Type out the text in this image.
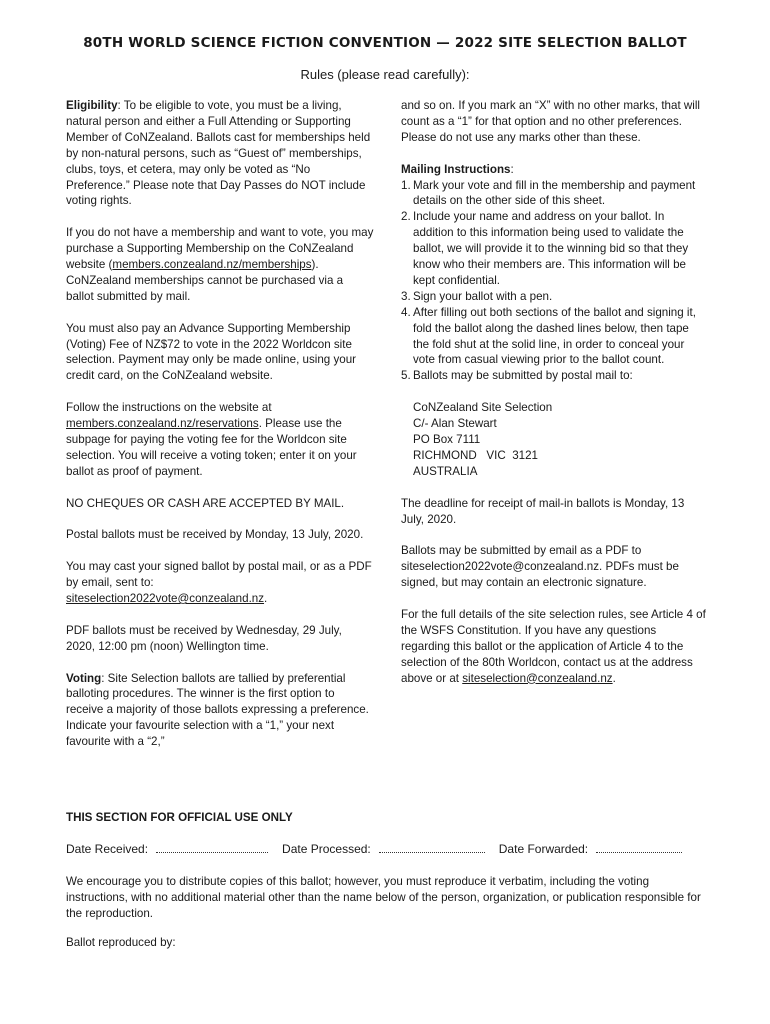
80TH WORLD SCIENCE FICTION CONVENTION — 2022 SITE SELECTION BALLOT
Rules (please read carefully):

Eligibility: To be eligible to vote, you must be a living, natural person and either a Full Attending or Supporting Member of CoNZealand. Ballots cast for memberships held by non-natural persons, such as “Guest of” memberships, clubs, toys, et cetera, may only be voted as “No Preference.” Please note that Day Passes do NOT include voting rights.

If you do not have a membership and want to vote, you may purchase a Supporting Membership on the CoNZealand website (members.conzealand.nz/memberships). CoNZealand memberships cannot be purchased via a ballot submitted by mail.

You must also pay an Advance Supporting Membership (Voting) Fee of NZ$72 to vote in the 2022 Worldcon site selection. Payment may only be made online, using your credit card, on the CoNZealand website.

Follow the instructions on the website at members.conzealand.nz/reservations. Please use the subpage for paying the voting fee for the Worldcon site selection. You will receive a voting token; enter it on your ballot as proof of payment.

NO CHEQUES OR CASH ARE ACCEPTED BY MAIL.

Postal ballots must be received by Monday, 13 July, 2020.

You may cast your signed ballot by postal mail, or as a PDF by email, sent to:
siteselection2022vote@conzealand.nz.

PDF ballots must be received by Wednesday, 29 July, 2020, 12:00 pm (noon) Wellington time.

Voting: Site Selection ballots are tallied by preferential balloting procedures. The winner is the first option to receive a majority of those ballots expressing a preference. Indicate your favourite selection with a “1,” your next favourite with a “2,”

and so on. If you mark an “X” with no other marks, that will count as a “1” for that option and no other preferences. Please do not use any marks other than these.

Mailing Instructions:
1. Mark your vote and fill in the membership and payment details on the other side of this sheet.
2. Include your name and address on your ballot. In addition to this information being used to validate the ballot, we will provide it to the winning bid so that they know who their members are. This information will be kept confidential.
3. Sign your ballot with a pen.
4. After filling out both sections of the ballot and signing it, fold the ballot along the dashed lines below, then tape the fold shut at the solid line, in order to conceal your vote from casual viewing prior to the ballot count.
5. Ballots may be submitted by postal mail to:
CoNZealand Site Selection
C/- Alan Stewart
PO Box 7111
RICHMOND   VIC  3121
AUSTRALIA

The deadline for receipt of mail-in ballots is Monday, 13 July, 2020.

Ballots may be submitted by email as a PDF to siteselection2022vote@conzealand.nz. PDFs must be signed, but may contain an electronic signature.

For the full details of the site selection rules, see Article 4 of the WSFS Constitution. If you have any questions regarding this ballot or the application of Article 4 to the selection of the 80th Worldcon, contact us at the address above or at siteselection@conzealand.nz.

THIS SECTION FOR OFFICIAL USE ONLY
Date Received:	Date Processed:	Date Forwarded:

We encourage you to distribute copies of this ballot; however, you must reproduce it verbatim, including the voting instructions, with no additional material other than the name below of the person, organization, or publication responsible for the reproduction.

Ballot reproduced by:
